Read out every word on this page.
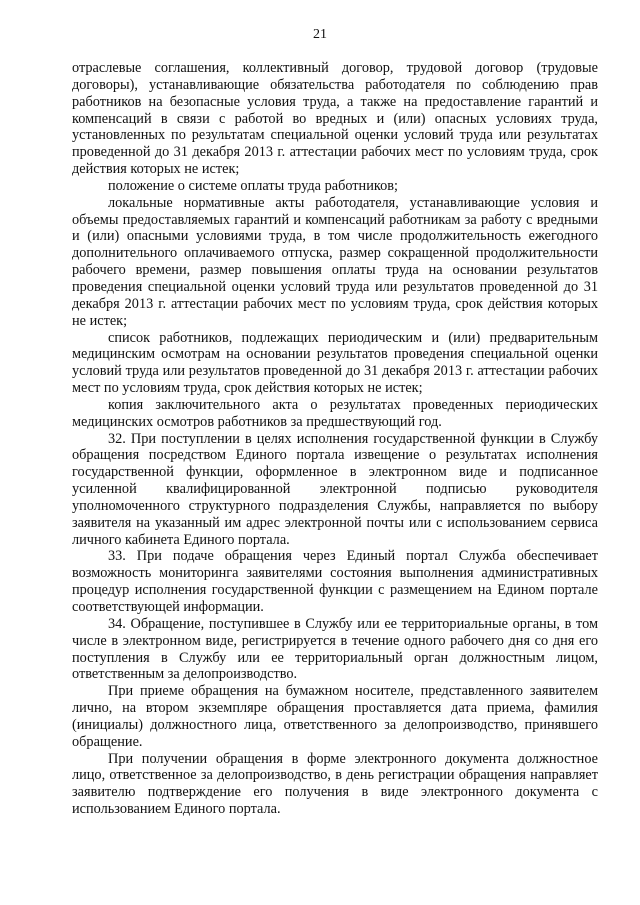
21

отраслевые соглашения, коллективный договор, трудовой договор (трудовые договоры), устанавливающие обязательства работодателя по соблюдению прав работников на безопасные условия труда, а также на предоставление гарантий и компенсаций в связи с работой во вредных и (или) опасных условиях труда, установленных по результатам специальной оценки условий труда или результатах проведенной до 31 декабря 2013 г. аттестации рабочих мест по условиям труда, срок действия которых не истек;

положение о системе оплаты труда работников;

локальные нормативные акты работодателя, устанавливающие условия и объемы предоставляемых гарантий и компенсаций работникам за работу с вредными и (или) опасными условиями труда, в том числе продолжительность ежегодного дополнительного оплачиваемого отпуска, размер сокращенной продолжительности рабочего времени, размер повышения оплаты труда на основании результатов проведения специальной оценки условий труда или результатов проведенной до 31 декабря 2013 г. аттестации рабочих мест по условиям труда, срок действия которых не истек;

список работников, подлежащих периодическим и (или) предварительным медицинским осмотрам на основании результатов проведения специальной оценки условий труда или результатов проведенной до 31 декабря 2013 г. аттестации рабочих мест по условиям труда, срок действия которых не истек;

копия заключительного акта о результатах проведенных периодических медицинских осмотров работников за предшествующий год.

32. При поступлении в целях исполнения государственной функции в Службу обращения посредством Единого портала извещение о результатах исполнения государственной функции, оформленное в электронном виде и подписанное усиленной квалифицированной электронной подписью руководителя уполномоченного структурного подразделения Службы, направляется по выбору заявителя на указанный им адрес электронной почты или с использованием сервиса личного кабинета Единого портала.

33. При подаче обращения через Единый портал Служба обеспечивает возможность мониторинга заявителями состояния выполнения административных процедур исполнения государственной функции с размещением на Едином портале соответствующей информации.

34. Обращение, поступившее в Службу или ее территориальные органы, в том числе в электронном виде, регистрируется в течение одного рабочего дня со дня его поступления в Службу или ее территориальный орган должностным лицом, ответственным за делопроизводство.

При приеме обращения на бумажном носителе, представленного заявителем лично, на втором экземпляре обращения проставляется дата приема, фамилия (инициалы) должностного лица, ответственного за делопроизводство, принявшего обращение.

При получении обращения в форме электронного документа должностное лицо, ответственное за делопроизводство, в день регистрации обращения направляет заявителю подтверждение его получения в виде электронного документа с использованием Единого портала.
